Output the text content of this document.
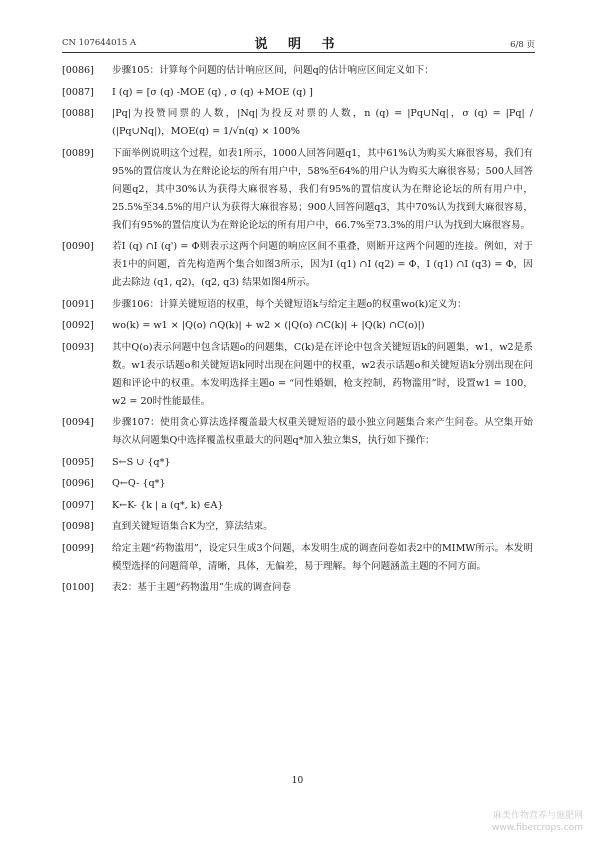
CN 107644015 A	说 明 书	6/8 页
[0086]	步骤105：计算每个问题的估计响应区间，问题q的估计响应区间定义如下：
[0087]	I (q) = [σ (q) -MOE (q) , σ (q) +MOE (q) ]
[0088]	|Pq|为投赞同票的人数，|Nq|为投反对票的人数，n (q) = |Pq∪Nq|，σ (q) = |Pq| / (|Pq∪Nq|)，MOE(q) = 1/√n(q) × 100%
[0089]	下面举例说明这个过程，如表1所示，1000人回答问题q1，其中61%认为购买大麻很容易，我们有95%的置信度认为在辩论论坛的所有用户中，58%至64%的用户认为购买大麻很容易；500人回答问题q2，其中30%认为获得大麻很容易，我们有95%的置信度认为在辩论论坛的所有用户中，25.5%至34.5%的用户认为获得大麻很容易；900人回答问题q3，其中70%认为找到大麻很容易，我们有95%的置信度认为在辩论论坛的所有用户中，66.7%至73.3%的用户认为找到大麻很容易。
[0090]	若I (q) ∩I (q') = Φ则表示这两个问题的响应区间不重叠，则断开这两个问题的连接。例如，对于表1中的问题，首先构造两个集合如图3所示，因为I (q1) ∩I (q2) = Φ，I (q1) ∩I (q3) = Φ，因此去除边 (q1, q2)，(q2, q3) 结果如图4所示。
[0091]	步骤106：计算关键短语的权重，每个关键短语k与给定主题o的权重wo(k)定义为：
[0092]	wo(k) = w1 × |Q(o) ∩Q(k)| + w2 × (|Q(o) ∩C(k)| + |Q(k) ∩C(o)|)
[0093]	其中Q(o)表示问题中包含话题o的问题集，C(k)是在评论中包含关键短语k的问题集，w1，w2是系数。w1表示话题o和关键短语k同时出现在问题中的权重，w2表示话题o和关键短语k分别出现在问题和评论中的权重。本发明选择主题o = “同性婚姻，枪支控制，药物滥用”时，设置w1 = 100，w2 = 20时性能最佳。
[0094]	步骤107：使用贪心算法选择覆盖最大权重关键短语的最小独立问题集合来产生问卷。从空集开始每次从问题集Q中选择覆盖权重最大的问题q*加入独立集S，执行如下操作：
[0095]	S←S ∪ {q*}
[0096]	Q←Q- {q*}
[0097]	K←K- {k | a (q*, k) ∈A}
[0098]	直到关键短语集合K为空，算法结束。
[0099]	给定主题“药物滥用”，设定只生成3个问题，本发明生成的调查问卷如表2中的MIMW所示。本发明模型选择的问题简单，清晰，具体，无偏差，易于理解。每个问题涵盖主题的不同方面。
[0100]	表2：基于主题“药物滥用”生成的调查问卷
10
麻类作物营养与施肥网
www.fibercrops.com
